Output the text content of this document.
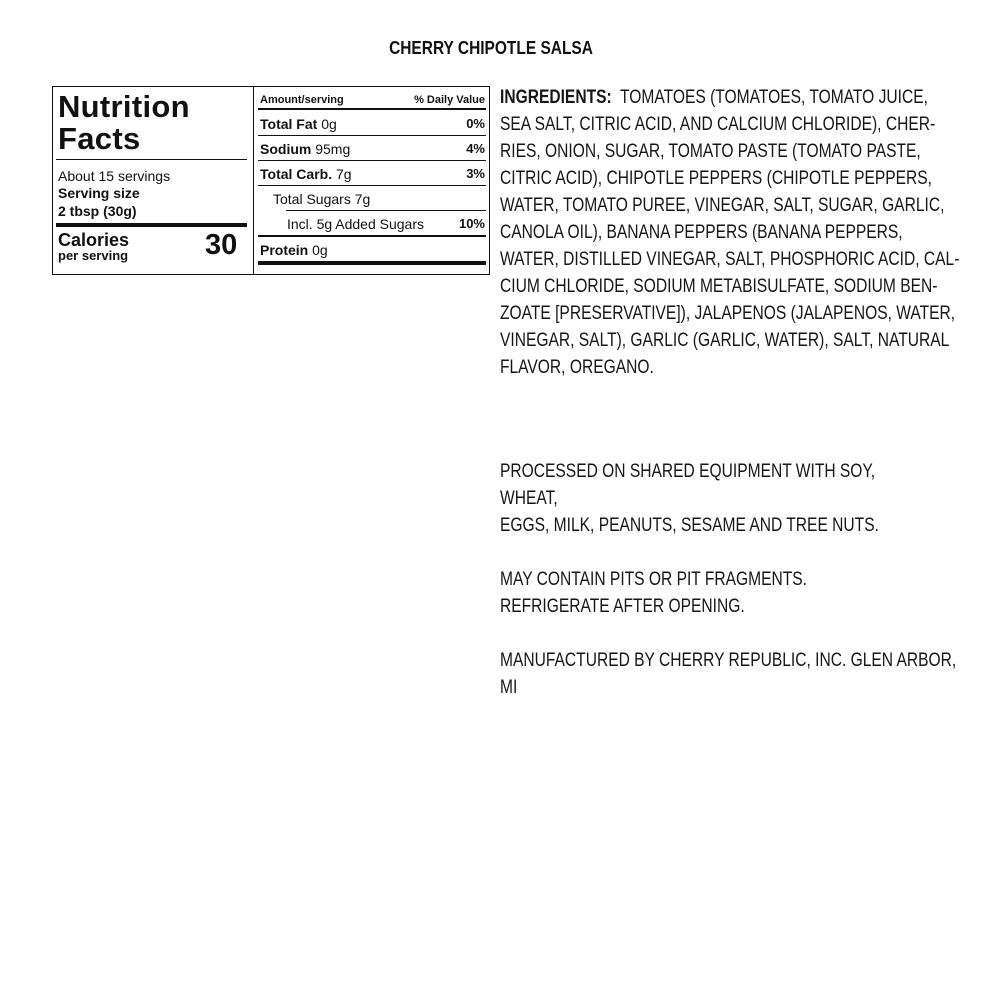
CHERRY CHIPOTLE SALSA
Nutrition
Facts
About 15 servings
Serving size
2 tbsp (30g)
Calories
per serving	30
Amount/serving	% Daily Value
Total Fat 0g	0%
Sodium 95mg	4%
Total Carb. 7g	3%
Total Sugars 7g
Incl. 5g Added Sugars	10%
Protein 0g
INGREDIENTS: TOMATOES (TOMATOES, TOMATO JUICE,
SEA SALT, CITRIC ACID, AND CALCIUM CHLORIDE), CHER-
RIES, ONION, SUGAR, TOMATO PASTE (TOMATO PASTE,
CITRIC ACID), CHIPOTLE PEPPERS (CHIPOTLE PEPPERS,
WATER, TOMATO PUREE, VINEGAR, SALT, SUGAR, GARLIC,
CANOLA OIL), BANANA PEPPERS (BANANA PEPPERS,
WATER, DISTILLED VINEGAR, SALT, PHOSPHORIC ACID, CAL-
CIUM CHLORIDE, SODIUM METABISULFATE, SODIUM BEN-
ZOATE [PRESERVATIVE]), JALAPENOS (JALAPENOS, WATER,
VINEGAR, SALT), GARLIC (GARLIC, WATER), SALT, NATURAL
FLAVOR, OREGANO.
PROCESSED ON SHARED EQUIPMENT WITH SOY,
WHEAT,
EGGS, MILK, PEANUTS, SESAME AND TREE NUTS.
MAY CONTAIN PITS OR PIT FRAGMENTS.
REFRIGERATE AFTER OPENING.
MANUFACTURED BY CHERRY REPUBLIC, INC. GLEN ARBOR,
MI
